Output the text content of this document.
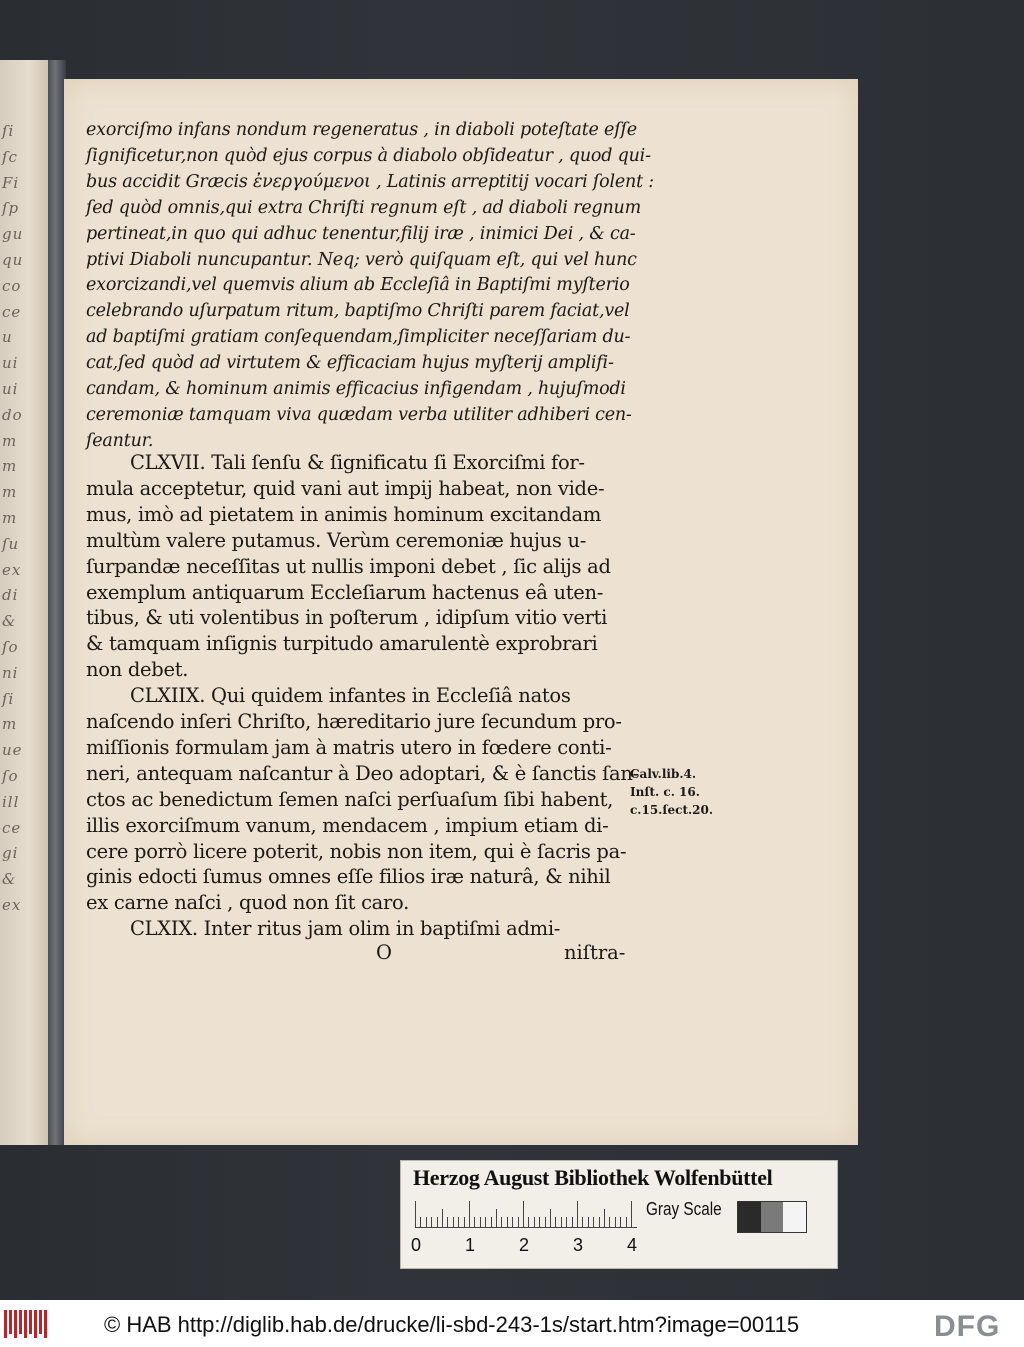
ſi
ſc
Fi
ſp
gu
qu
co
ce
u
ui
ui
do
m
m
m
m
ſu
ex
di
&
ſo
ni
ſi
m
ue
ſo
ill
ce
gi
&
ex
exorciſmo infans nondum regeneratus , in diaboli poteſtate eſſe
ſignificetur,non quòd ejus corpus à diabolo obſideatur , quod qui-
bus accidit Græcis ἐνεργούμενοι , Latinis arreptitij vocari ſolent :
ſed quòd omnis,qui extra Chriſti regnum eſt , ad diaboli regnum
pertineat,in quo qui adhuc tenentur,filij iræ , inimici Dei , & ca-
ptivi Diaboli nuncupantur. Neq; verò quiſquam eſt, qui vel hunc
exorcizandi,vel quemvis alium ab Eccleſiâ in Baptiſmi myſterio
celebrando uſurpatum ritum, baptiſmo Chriſti parem faciat,vel
ad baptiſmi gratiam conſequendam,ſimpliciter neceſſariam du-
cat,ſed quòd ad virtutem & efficaciam hujus myſterij amplifi-
candam, & hominum animis efficacius infigendam , hujuſmodi
ceremoniæ tamquam viva quædam verba utiliter adhiberi cen-
ſeantur.
CLXVII. Tali ſenſu & ſignificatu ſi Exorciſmi for-
mula acceptetur, quid vani aut impij habeat, non vide-
mus, imò ad pietatem in animis hominum excitandam
multùm valere putamus. Verùm ceremoniæ hujus u-
ſurpandæ neceſſitas ut nullis imponi debet , ſic alijs ad
exemplum antiquarum Eccleſiarum hactenus eâ uten-
tibus, & uti volentibus in poſterum , idipſum vitio verti
& tamquam inſignis turpitudo amarulentè exprobrari
non debet.
CLXIIX. Qui quidem infantes in Eccleſiâ natos
naſcendo inſeri Chriſto, hæreditario jure ſecundum pro-
miſſionis formulam jam à matris utero in fœdere conti-
neri, antequam naſcantur à Deo adoptari, & è ſanctis ſan-
ctos ac benedictum ſemen naſci perſuaſum ſibi habent,
illis exorciſmum vanum, mendacem , impium etiam di-
cere porrò licere poterit, nobis non item, qui è ſacris pa-
ginis edocti ſumus omnes eſſe filios iræ naturâ, & nihil
ex carne naſci , quod non ſit caro.
CLXIX. Inter ritus jam olim in baptiſmi admi-
O	niſtra-
Calv.lib.4.
Inſt. c. 16.
c.15.ſect.20.
Herzog August Bibliothek Wolfenbüttel
Gray Scale
0 1 2 3 4
© HAB http://diglib.hab.de/drucke/li-sbd-243-1s/start.htm?image=00115	DFG
